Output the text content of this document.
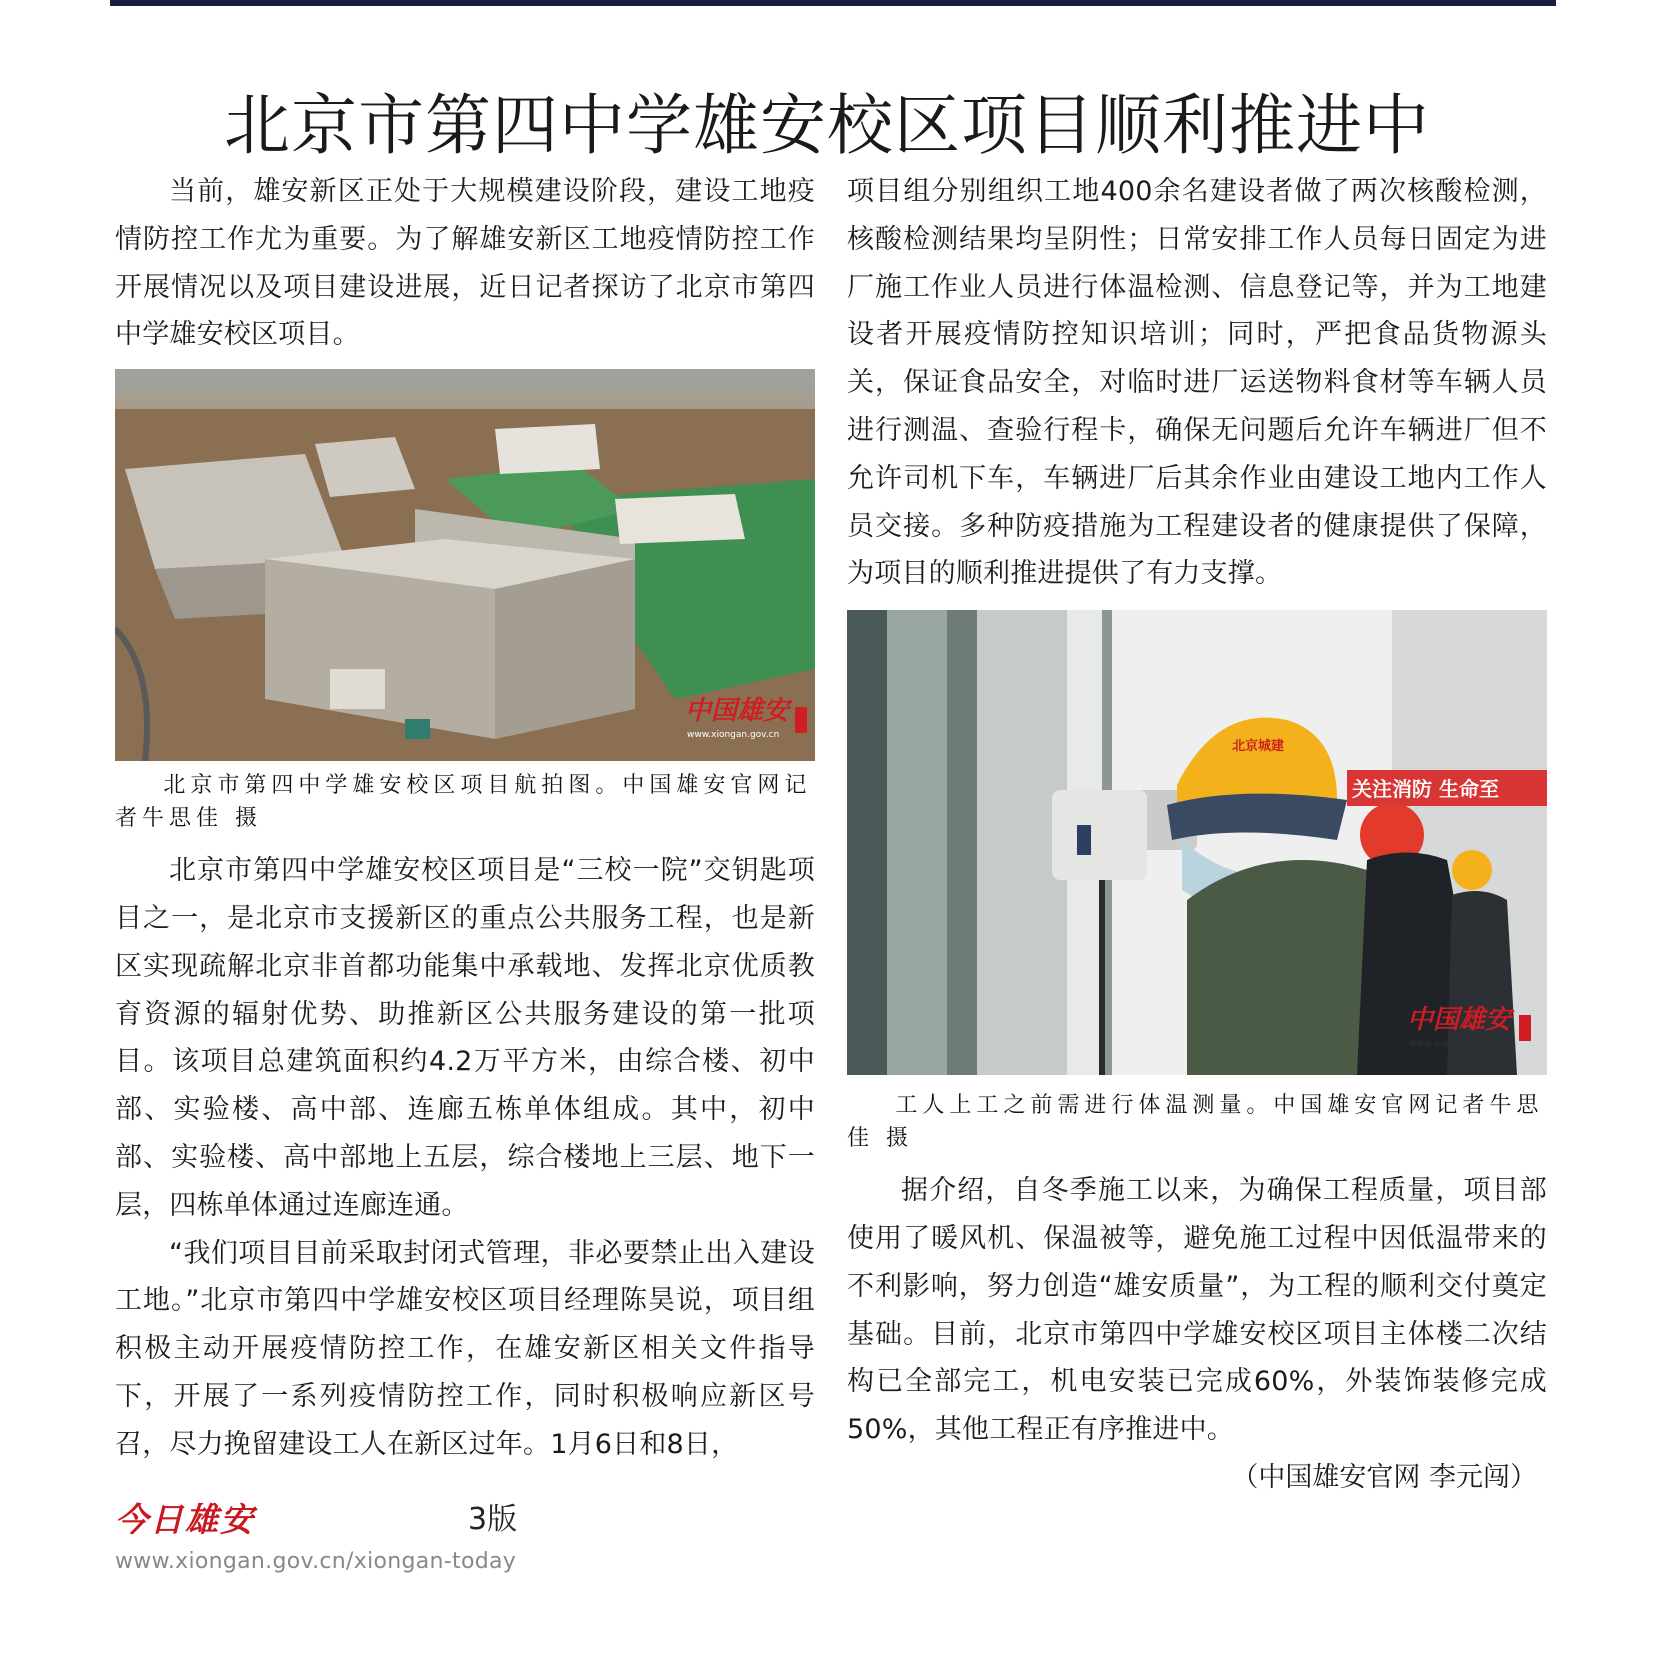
北京市第四中学雄安校区项目顺利推进中

当前，雄安新区正处于大规模建设阶段，建设工地疫情防控工作尤为重要。为了解雄安新区工地疫情防控工作开展情况以及项目建设进展，近日记者探访了北京市第四中学雄安校区项目。

中国雄安
www.xiongan.gov.cn

北京市第四中学雄安校区项目航拍图。中国雄安官网记者牛思佳 摄

北京市第四中学雄安校区项目是“三校一院”交钥匙项目之一，是北京市支援新区的重点公共服务工程，也是新区实现疏解北京非首都功能集中承载地、发挥北京优质教育资源的辐射优势、助推新区公共服务建设的第一批项目。该项目总建筑面积约4.2万平方米，由综合楼、初中部、实验楼、高中部、连廊五栋单体组成。其中，初中部、实验楼、高中部地上五层，综合楼地上三层、地下一层，四栋单体通过连廊连通。

“我们项目目前采取封闭式管理，非必要禁止出入建设工地。”北京市第四中学雄安校区项目经理陈昊说，项目组积极主动开展疫情防控工作，在雄安新区相关文件指导下，开展了一系列疫情防控工作，同时积极响应新区号召，尽力挽留建设工人在新区过年。1月6日和8日，

项目组分别组织工地400余名建设者做了两次核酸检测，核酸检测结果均呈阴性；日常安排工作人员每日固定为进厂施工作业人员进行体温检测、信息登记等，并为工地建设者开展疫情防控知识培训；同时，严把食品货物源头关，保证食品安全，对临时进厂运送物料食材等车辆人员进行测温、查验行程卡，确保无问题后允许车辆进厂但不允许司机下车，车辆进厂后其余作业由建设工地内工作人员交接。多种防疫措施为工程建设者的健康提供了保障，为项目的顺利推进提供了有力支撑。

关注消防 生命至
北京城建
中国雄安
www.xiongan.gov.cn

工人上工之前需进行体温测量。中国雄安官网记者牛思佳 摄

据介绍，自冬季施工以来，为确保工程质量，项目部使用了暖风机、保温被等，避免施工过程中因低温带来的不利影响，努力创造“雄安质量”，为工程的顺利交付奠定基础。目前，北京市第四中学雄安校区项目主体楼二次结构已全部完工，机电安装已完成60%，外装饰装修完成50%，其他工程正有序推进中。

（中国雄安官网 李元闯）

今日雄安	3版
www.xiongan.gov.cn/xiongan-today
